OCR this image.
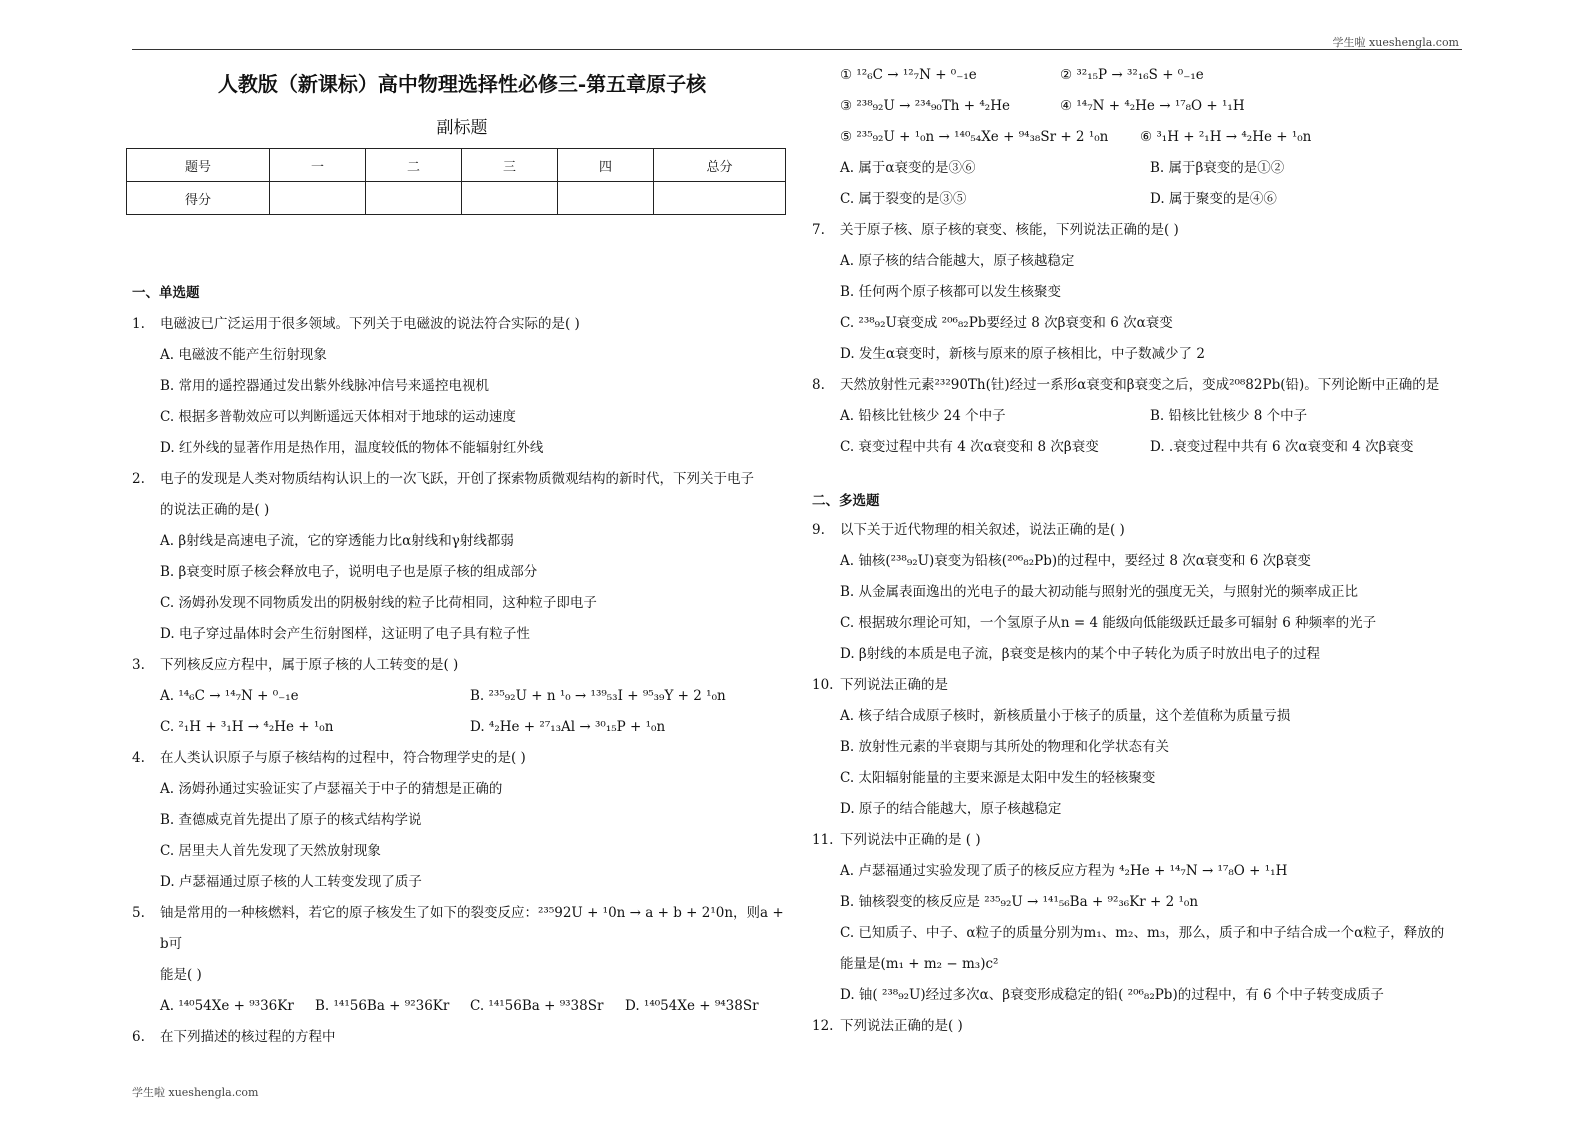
学生啦 xueshengla.com
人教版（新课标）高中物理选择性必修三-第五章原子核
副标题
题号	一	二	三	四	总分
得分					
一、单选题
1.	电磁波已广泛运用于很多领域。下列关于电磁波的说法符合实际的是( )
A. 电磁波不能产生衍射现象
B. 常用的遥控器通过发出紫外线脉冲信号来遥控电视机
C. 根据多普勒效应可以判断遥远天体相对于地球的运动速度
D. 红外线的显著作用是热作用，温度较低的物体不能辐射红外线
2.	电子的发现是人类对物质结构认识上的一次飞跃，开创了探索物质微观结构的新时代，下列关于电子
的说法正确的是( )
A. β射线是高速电子流，它的穿透能力比α射线和γ射线都弱
B. β衰变时原子核会释放电子，说明电子也是原子核的组成部分
C. 汤姆孙发现不同物质发出的阴极射线的粒子比荷相同，这种粒子即电子
D. 电子穿过晶体时会产生衍射图样，这证明了电子具有粒子性
3.	下列核反应方程中，属于原子核的人工转变的是( )
A. ¹⁴₆C → ¹⁴₇N + ⁰₋₁e	B. ²³⁵₉₂U + n ¹₀ → ¹³⁹₅₃I + ⁹⁵₃₉Y + 2 ¹₀n
C. ²₁H + ³₁H → ⁴₂He + ¹₀n	D. ⁴₂He + ²⁷₁₃Al → ³⁰₁₅P + ¹₀n
4.	在人类认识原子与原子核结构的过程中，符合物理学史的是( )
A. 汤姆孙通过实验证实了卢瑟福关于中子的猜想是正确的
B. 查德威克首先提出了原子的核式结构学说
C. 居里夫人首先发现了天然放射现象
D. 卢瑟福通过原子核的人工转变发现了质子
5.	铀是常用的一种核燃料，若它的原子核发生了如下的裂变反应：²³⁵92U + ¹0n → a + b + 2¹0n，则a + b可
能是( )
A. ¹⁴⁰54Xe + ⁹³36Kr	B. ¹⁴¹56Ba + ⁹²36Kr	C. ¹⁴¹56Ba + ⁹³38Sr	D. ¹⁴⁰54Xe + ⁹⁴38Sr
6.	在下列描述的核过程的方程中
① ¹²₆C → ¹²₇N + ⁰₋₁e	② ³²₁₅P → ³²₁₆S + ⁰₋₁e
③ ²³⁸₉₂U → ²³⁴₉₀Th + ⁴₂He	④ ¹⁴₇N + ⁴₂He → ¹⁷₈O + ¹₁H
⑤ ²³⁵₉₂U + ¹₀n → ¹⁴⁰₅₄Xe + ⁹⁴₃₈Sr + 2 ¹₀n	⑥ ³₁H + ²₁H → ⁴₂He + ¹₀n
A. 属于α衰变的是③⑥	B. 属于β衰变的是①②
C. 属于裂变的是③⑤	D. 属于聚变的是④⑥
7.	关于原子核、原子核的衰变、核能，下列说法正确的是( )
A. 原子核的结合能越大，原子核越稳定
B. 任何两个原子核都可以发生核聚变
C. ²³⁸₉₂U衰变成 ²⁰⁶₈₂Pb要经过 8 次β衰变和 6 次α衰变
D. 发生α衰变时，新核与原来的原子核相比，中子数减少了 2
8.	天然放射性元素²³²90Th(钍)经过一系形α衰变和β衰变之后，变成²⁰⁸82Pb(铅)。下列论断中正确的是
A. 铅核比钍核少 24 个中子	B. 铅核比钍核少 8 个中子
C. 衰变过程中共有 4 次α衰变和 8 次β衰变	D. .衰变过程中共有 6 次α衰变和 4 次β衰变
二、多选题
9.	以下关于近代物理的相关叙述，说法正确的是( )
A. 铀核(²³⁸₉₂U)衰变为铅核(²⁰⁶₈₂Pb)的过程中，要经过 8 次α衰变和 6 次β衰变
B. 从金属表面逸出的光电子的最大初动能与照射光的强度无关，与照射光的频率成正比
C. 根据玻尔理论可知，一个氢原子从n = 4 能级向低能级跃迁最多可辐射 6 种频率的光子
D. β射线的本质是电子流，β衰变是核内的某个中子转化为质子时放出电子的过程
10. 下列说法正确的是
A. 核子结合成原子核时，新核质量小于核子的质量，这个差值称为质量亏损
B. 放射性元素的半衰期与其所处的物理和化学状态有关
C. 太阳辐射能量的主要来源是太阳中发生的轻核聚变
D. 原子的结合能越大，原子核越稳定
11. 下列说法中正确的是 ( )
A. 卢瑟福通过实验发现了质子的核反应方程为 ⁴₂He + ¹⁴₇N → ¹⁷₈O + ¹₁H
B. 铀核裂变的核反应是 ²³⁵₉₂U → ¹⁴¹₅₆Ba + ⁹²₃₆Kr + 2 ¹₀n
C. 已知质子、中子、α粒子的质量分别为m₁、m₂、m₃，那么，质子和中子结合成一个α粒子，释放的
能量是(m₁ + m₂ − m₃)c²
D. 铀( ²³⁸₉₂U)经过多次α、β衰变形成稳定的铅( ²⁰⁶₈₂Pb)的过程中，有 6 个中子转变成质子
12. 下列说法正确的是( )
学生啦 xueshengla.com
